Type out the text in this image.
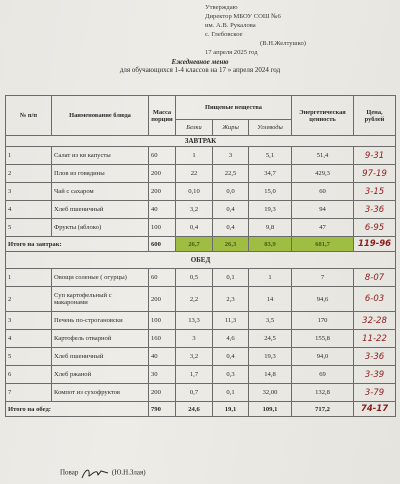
Утверждаю
Директор МБОУ СОШ №6
им. А.В. Рукалова
с. Глебовское
(В.Н.Желтушко)
17 апреля 2025 год
Ежедневное меню
для обучающихся 1-4 классов на 17 » апреля 2024 год
№ п/п	Наименование блюда	Масса порции	Пищевые вещества			Энергетическая ценность	Цена, рублей
			Белки	Жиры	Углеводы		
ЗАВТРАК							
1	Салат из кв капусты	60	1	3	5,1	51,4	9-31
2	Плов из говядины	200	22	22,5	34,7	429,3	97-19
3	Чай с сахаром	200	0,10	0,0	15,0	60	3-15
4	Хлеб пшеничный	40	3,2	0,4	19,3	94	3-36
5	Фрукты (яблоко)	100	0,4	0,4	9,8	47	6-95
Итого на завтрак:		600	26,7	26,3	83,9	681,7	119-96
ОБЕД							
1	Овощи соленые ( огурцы)	60	0,5	0,1	1	7	8-07
2	Суп картофельный с макаронами	200	2,2	2,3	14	94,6	6-03
3	Печень по-строгановски	100	13,3	11,3	3,5	170	32-28
4	Картофель отварной	160	3	4,6	24,5	155,8	11-22
5	Хлеб пшеничный	40	3,2	0,4	19,3	94,0	3-36
6	Хлеб ржаной	30	1,7	0,3	14,8	69	3-39
7	Компот из сухофруктов	200	0,7	0,1	32,00	132,8	3-79
Итого на обед:		790	24,6	19,1	109,1	717,2	74-17
Повар	(Ю.Н.Злая)
